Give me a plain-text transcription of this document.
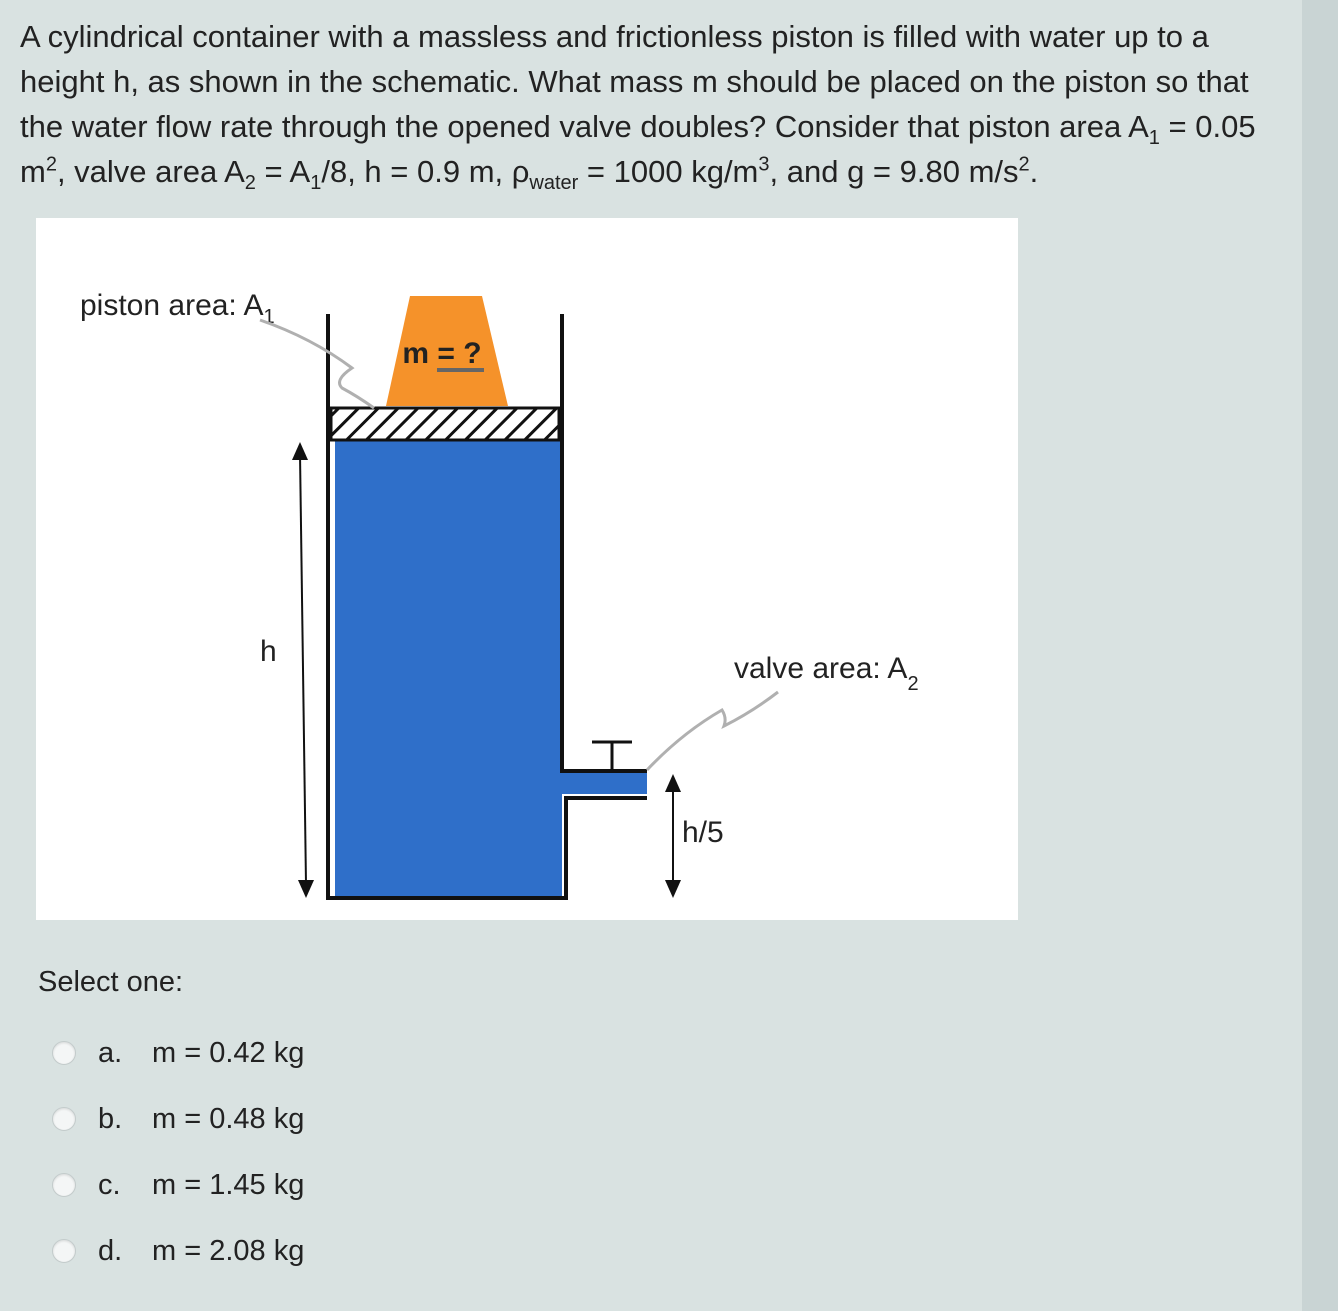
A cylindrical container with a massless and frictionless piston is filled with water up to a height h, as shown in the schematic. What mass m should be placed on the piston so that the water flow rate through the opened valve doubles? Consider that piston area $A_1 = 0.05$ $m^2$, valve area $A_2 = A_1/8$, h = 0.9 m, $\rho_{water} = 1000$ $kg/m^3$, and g = 9.80 $m/s^2$.
m = ?
piston area: $A_1$
h
h/5
valve area: $A_2$
Select one:
a.	m = 0.42 kg
b.	m = 0.48 kg
c.	m = 1.45 kg
d.	m = 2.08 kg
